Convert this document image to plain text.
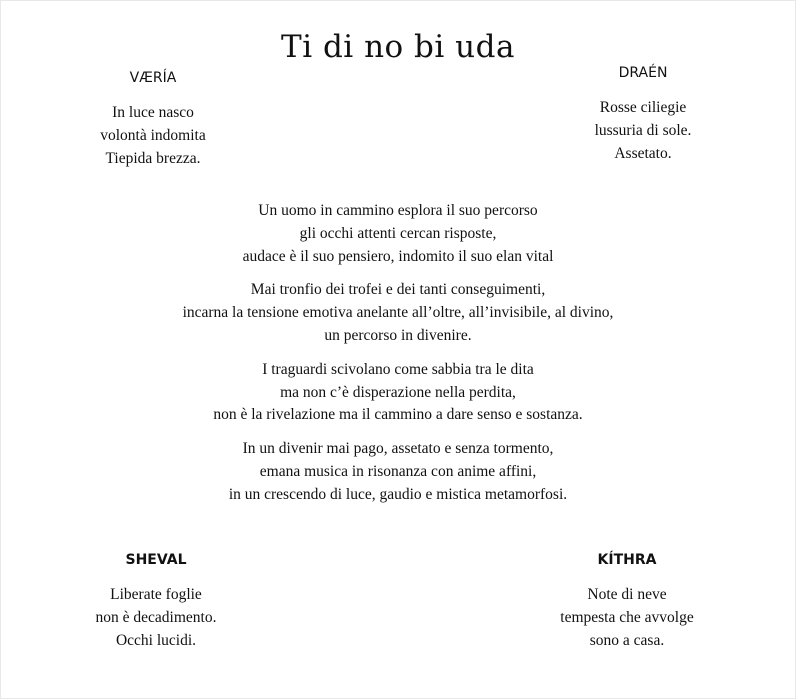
Ti di no bi uda
VÆRÍA
In luce nasco
volontà indomita
Tiepida brezza.
DRAÉN
Rosse ciliegie
lussuria di sole.
Assetato.
Un uomo in cammino esplora il suo percorso
gli occhi attenti cercan risposte,
audace è il suo pensiero, indomito il suo elan vital
Mai tronfio dei trofei e dei tanti conseguimenti,
incarna la tensione emotiva anelante all’oltre, all’invisibile, al divino,
un percorso in divenire.
I traguardi scivolano come sabbia tra le dita
ma non c’è disperazione nella perdita,
non è la rivelazione ma il cammino a dare senso e sostanza.
In un divenir mai pago, assetato e senza tormento,
emana musica in risonanza con anime affini,
in un crescendo di luce, gaudio e mistica metamorfosi.
SHEVAL
Liberate foglie
non è decadimento.
Occhi lucidi.
KÍTHRA
Note di neve
tempesta che avvolge
sono a casa.
